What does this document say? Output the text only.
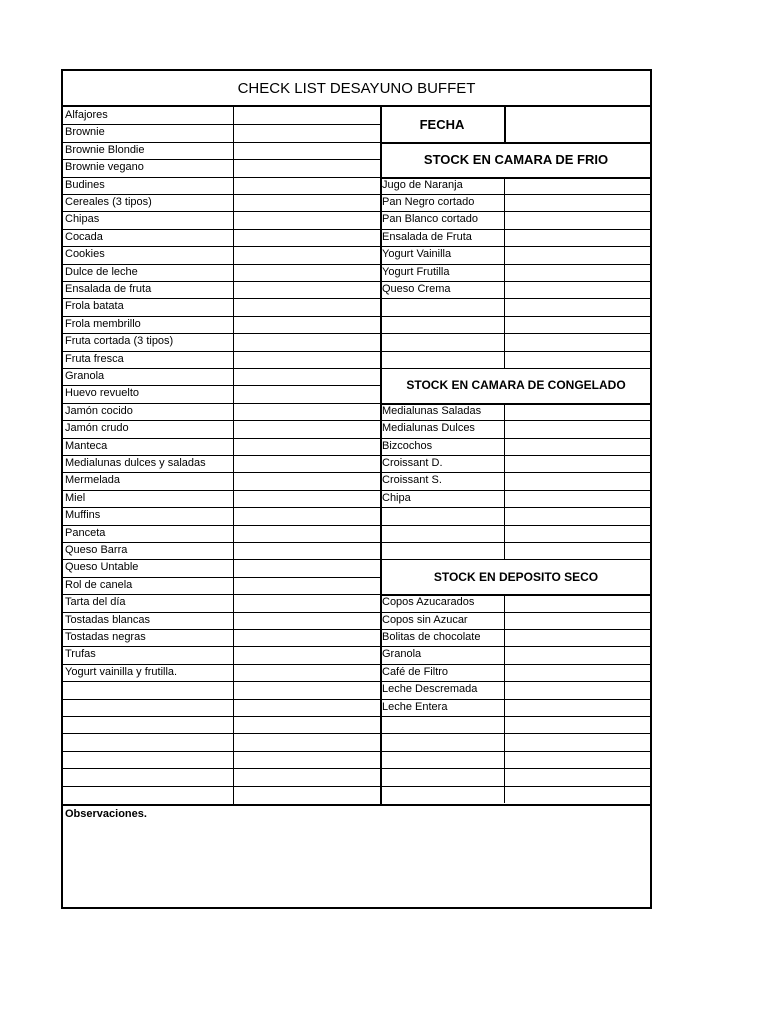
CHECK LIST DESAYUNO BUFFET
Alfajores
Brownie
Brownie Blondie
Brownie vegano
Budines
Cereales (3 tipos)
Chipas
Cocada
Cookies
Dulce de leche
Ensalada de fruta
Frola batata
Frola membrillo
Fruta cortada (3 tipos)
Fruta fresca
Granola
Huevo revuelto
Jamón cocido
Jamón crudo
Manteca
Medialunas dulces y saladas
Mermelada
Miel
Muffins
Panceta
Queso Barra
Queso Untable
Rol de canela
Tarta del día
Tostadas blancas
Tostadas negras
Trufas
Yogurt vainilla y frutilla.
FECHA
STOCK EN CAMARA DE FRIO
Jugo de Naranja
Pan Negro cortado
Pan Blanco cortado
Ensalada de Fruta
Yogurt Vainilla
Yogurt Frutilla
Queso Crema
STOCK EN CAMARA DE CONGELADO
Medialunas Saladas
Medialunas Dulces
Bizcochos
Croissant D.
Croissant S.
Chipa
STOCK EN DEPOSITO SECO
Copos Azucarados
Copos sin Azucar
Bolitas de chocolate
Granola
Café de Filtro
Leche Descremada
Leche Entera
Observaciones.
